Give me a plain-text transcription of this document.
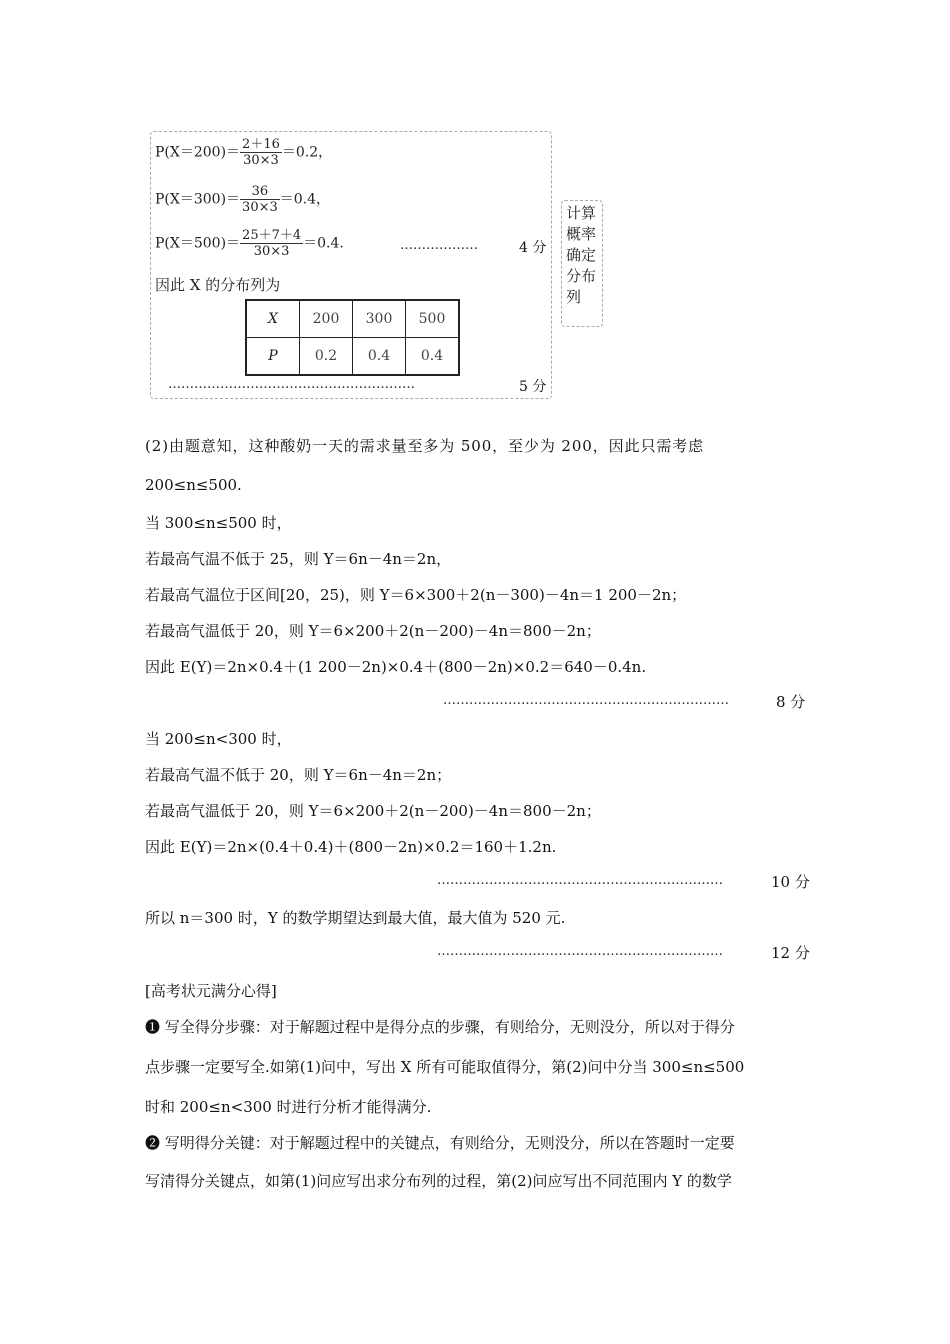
$P(X=200)= \frac{2+16}{30\times 3} =0.2$，
$P(X=300)= \frac{36}{30\times 3} =0.4$，
$P(X=500)= \frac{25+7+4}{30\times 3} =0.4$.	………………	4 分
因此 X 的分布列为
X	200	300	500
P	0.2	0.4	0.4
…………………………………………………	5 分
计算
概率
确定
分布
列
(2)由题意知，这种酸奶一天的需求量至多为 500，至少为 200，因此只需考虑
200≤n≤500.
当 300≤n≤500 时，
若最高气温不低于 25，则 Y＝6n－4n＝2n，
若最高气温位于区间[20，25)，则 Y＝6×300＋2(n－300)－4n＝1 200－2n；
若最高气温低于 20，则 Y＝6×200＋2(n－200)－4n＝800－2n；
因此 E(Y)＝2n×0.4＋(1 200－2n)×0.4＋(800－2n)×0.2＝640－0.4n.
…………………………………………………………	8 分
当 200≤n<300 时，
若最高气温不低于 20，则 Y＝6n－4n＝2n；
若最高气温低于 20，则 Y＝6×200＋2(n－200)－4n＝800－2n；
因此 E(Y)＝2n×(0.4＋0.4)＋(800－2n)×0.2＝160＋1.2n.
…………………………………………………………	10 分
所以 n＝300 时，Y 的数学期望达到最大值，最大值为 520 元.
…………………………………………………………	12 分
[高考状元满分心得]
❶ 写全得分步骤：对于解题过程中是得分点的步骤，有则给分，无则没分，所以对于得分
点步骤一定要写全.如第(1)问中，写出 X 所有可能取值得分，第(2)问中分当 300≤n≤500
时和 200≤n<300 时进行分析才能得满分.
❷ 写明得分关键：对于解题过程中的关键点，有则给分，无则没分，所以在答题时一定要
写清得分关键点，如第(1)问应写出求分布列的过程，第(2)问应写出不同范围内 Y 的数学
